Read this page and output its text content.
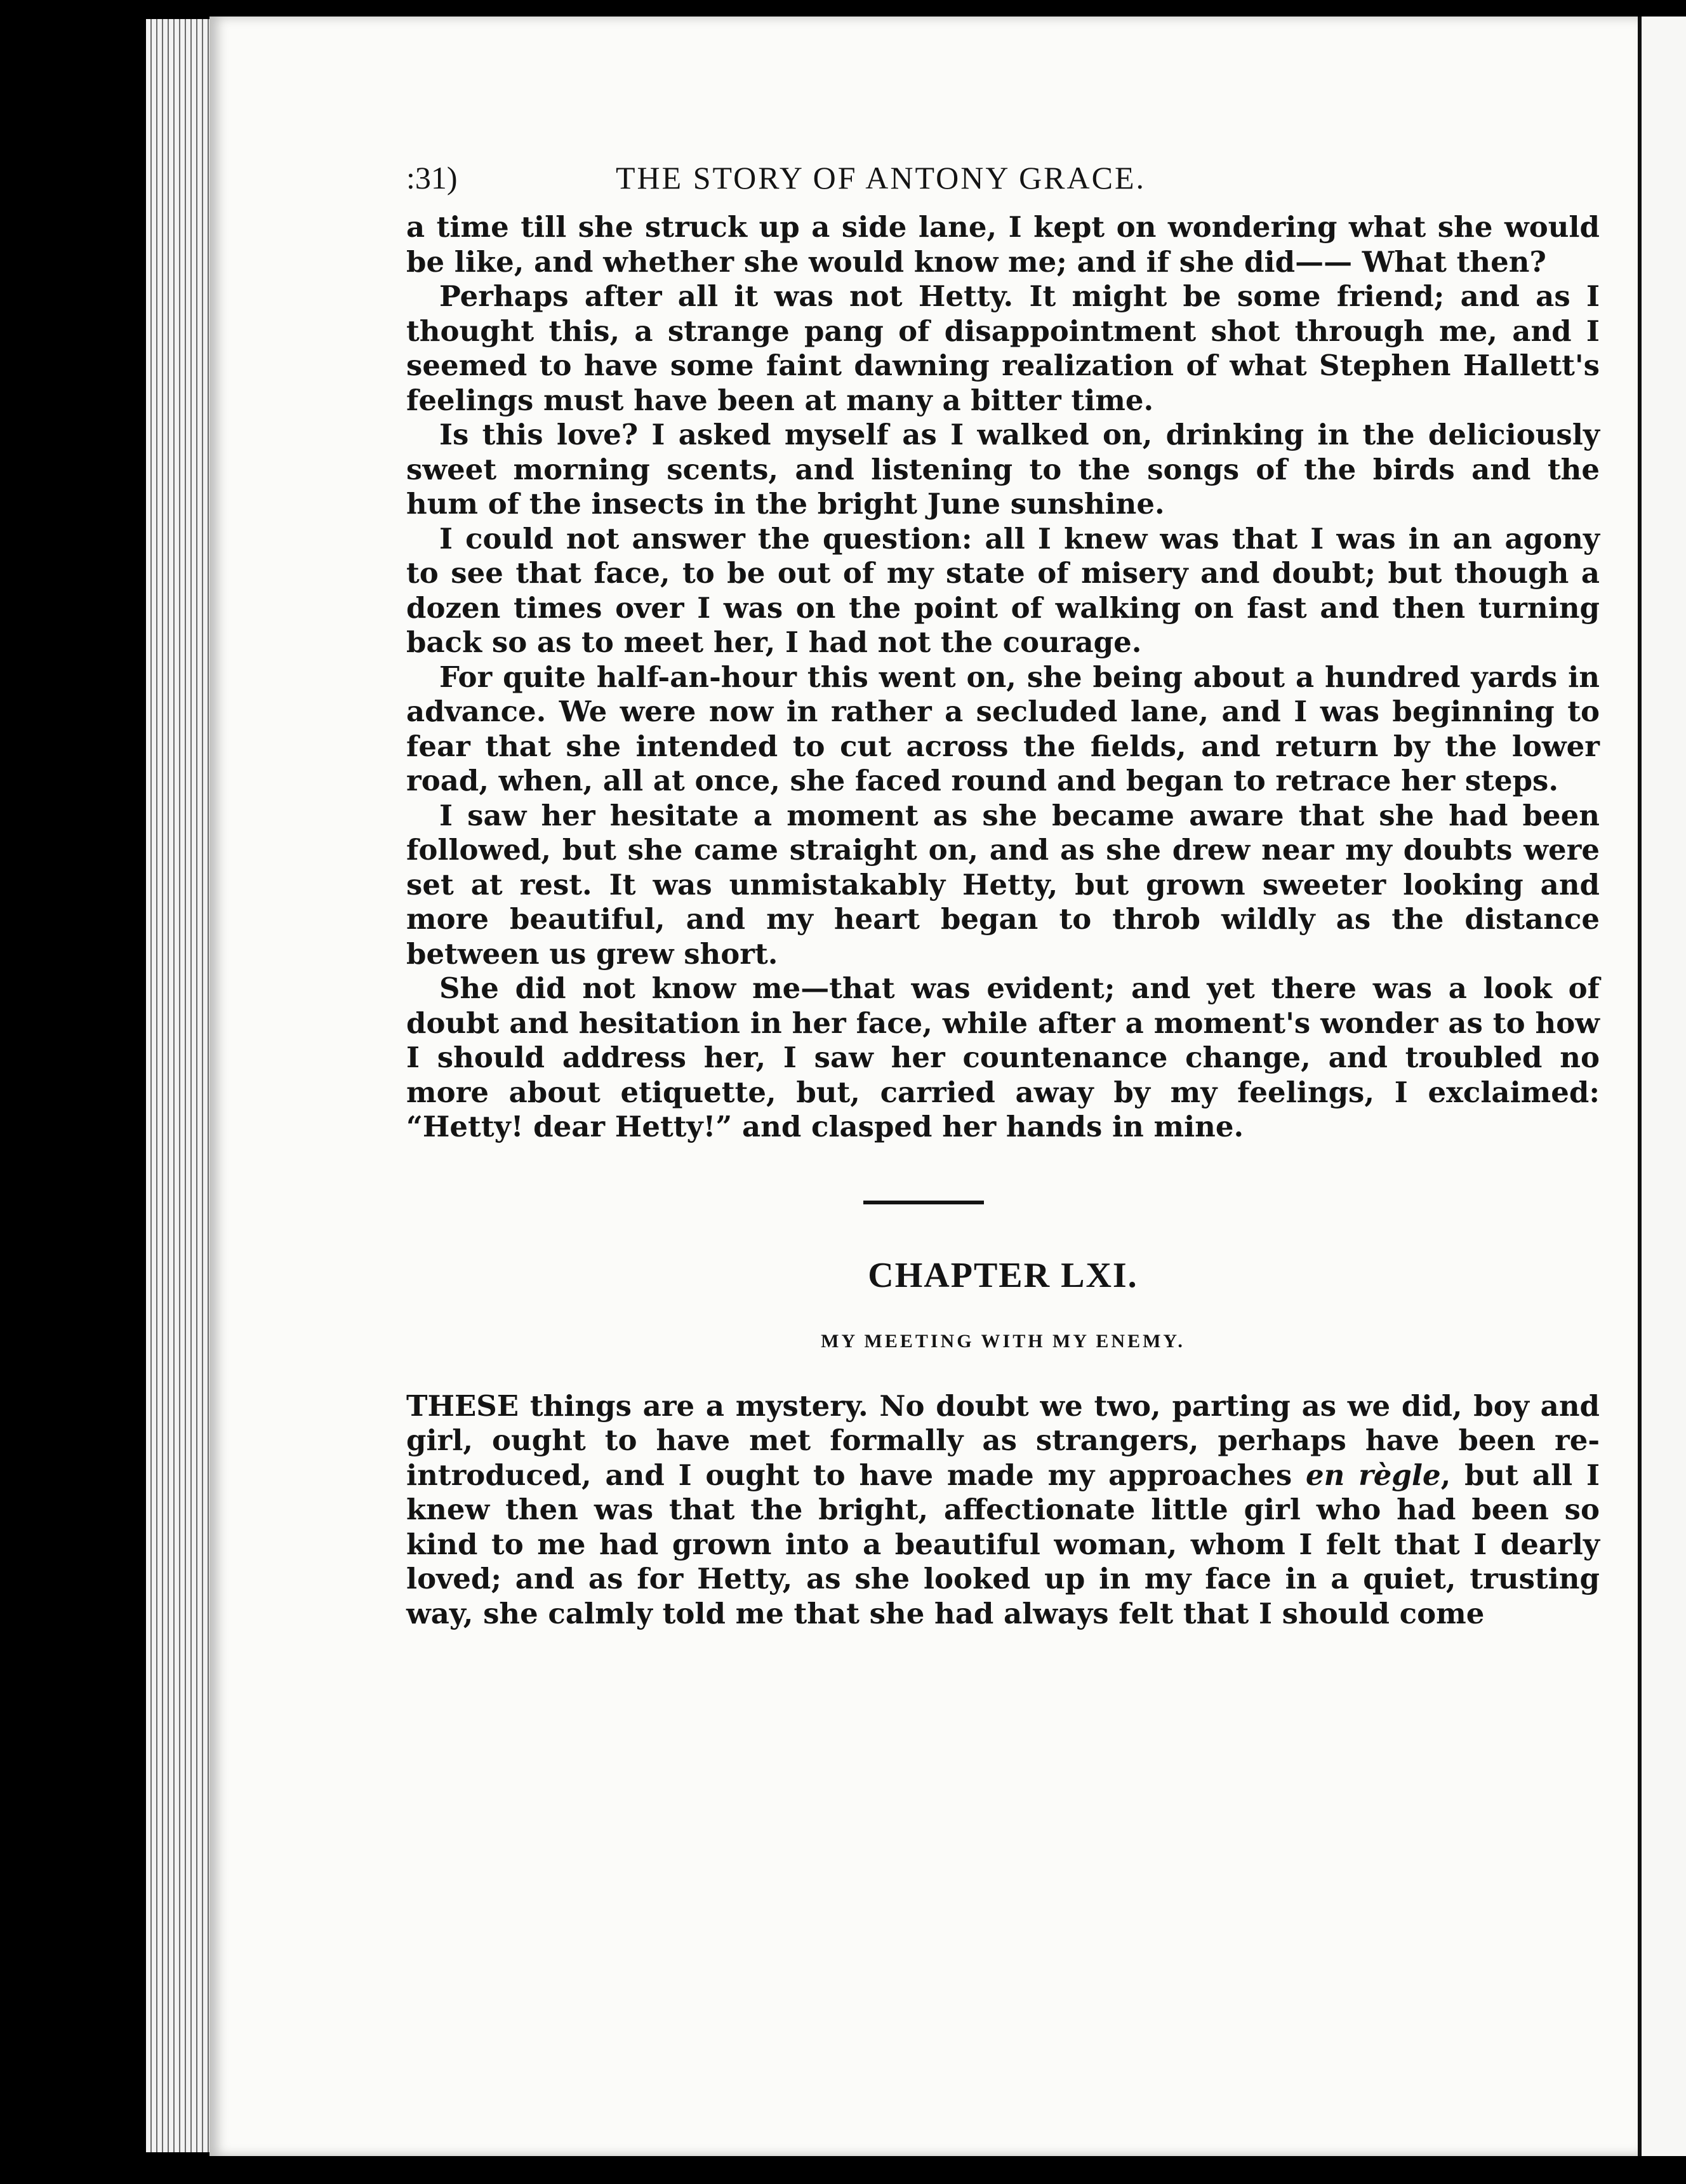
:31)	THE STORY OF ANTONY GRACE.

a time till she struck up a side lane, I kept on wondering what she would be like, and whether she would know me; and if she did—— What then?

Perhaps after all it was not Hetty. It might be some friend; and as I thought this, a strange pang of disappointment shot through me, and I seemed to have some faint dawning realization of what Stephen Hallett's feelings must have been at many a bitter time.

Is this love? I asked myself as I walked on, drinking in the deliciously sweet morning scents, and listening to the songs of the birds and the hum of the insects in the bright June sunshine.

I could not answer the question: all I knew was that I was in an agony to see that face, to be out of my state of misery and doubt; but though a dozen times over I was on the point of walking on fast and then turning back so as to meet her, I had not the courage.

For quite half-an-hour this went on, she being about a hundred yards in advance. We were now in rather a secluded lane, and I was beginning to fear that she intended to cut across the fields, and return by the lower road, when, all at once, she faced round and began to retrace her steps.

I saw her hesitate a moment as she became aware that she had been followed, but she came straight on, and as she drew near my doubts were set at rest. It was unmistakably Hetty, but grown sweeter looking and more beautiful, and my heart began to throb wildly as the distance between us grew short.

She did not know me—that was evident; and yet there was a look of doubt and hesitation in her face, while after a moment's wonder as to how I should address her, I saw her countenance change, and troubled no more about etiquette, but, carried away by my feelings, I exclaimed: “Hetty! dear Hetty!” and clasped her hands in mine.

CHAPTER LXI.
MY MEETING WITH MY ENEMY.

THESE things are a mystery. No doubt we two, parting as we did, boy and girl, ought to have met formally as strangers, perhaps have been re-introduced, and I ought to have made my approaches en règle, but all I knew then was that the bright, affectionate little girl who had been so kind to me had grown into a beautiful woman, whom I felt that I dearly loved; and as for Hetty, as she looked up in my face in a quiet, trusting way, she calmly told me that she had always felt that I should come
